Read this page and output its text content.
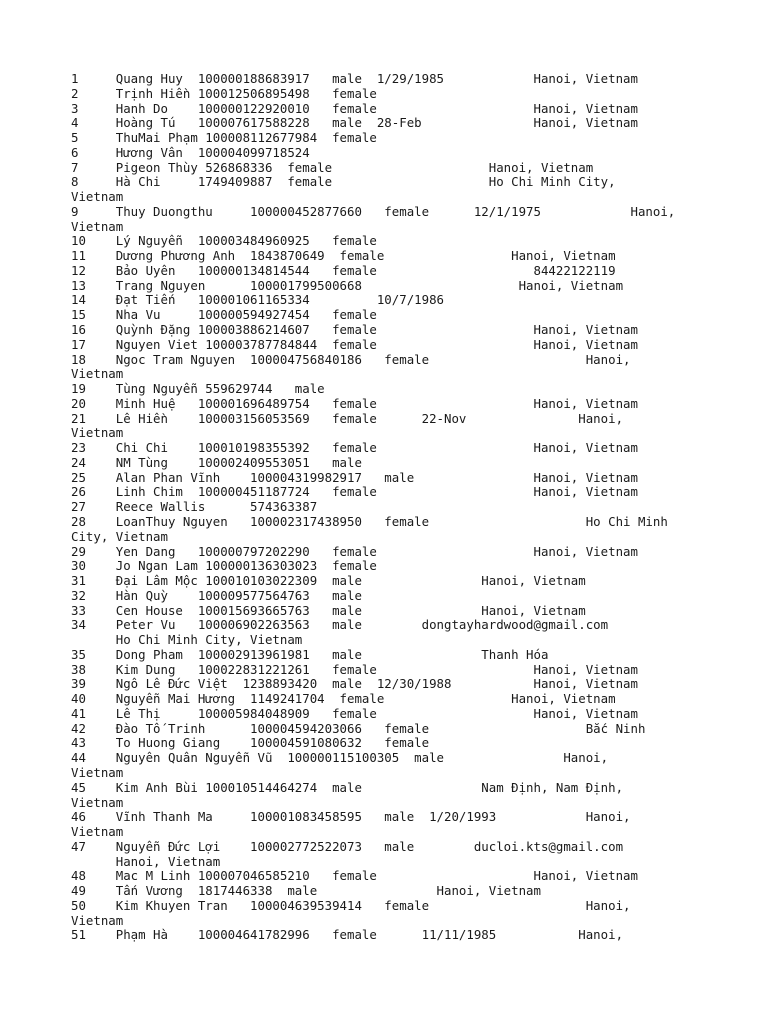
1     Quang Huy  100000188683917   male  1/29/1985            Hanoi, Vietnam
2     Trịnh Hiền 100012506895498   female
3     Hanh Do    100000122920010   female                     Hanoi, Vietnam
4     Hoàng Tú   100007617588228   male  28-Feb               Hanoi, Vietnam
5     ThuMai Phạm 100008112677984  female
6     Hương Vân  100004099718524
7     Pigeon Thùy 526868336  female                     Hanoi, Vietnam
8     Hà Chi     1749409887  female                     Ho Chi Minh City,
Vietnam
9     Thuy Duongthu     100000452877660   female      12/1/1975            Hanoi,
Vietnam
10    Lý Nguyễn  100003484960925   female
11    Dương Phương Anh  1843870649  female                 Hanoi, Vietnam
12    Bảo Uyên   100000134814544   female                     84422122119
13    Trang Nguyen      100001799500668                     Hanoi, Vietnam
14    Đạt Tiến   100001061165334         10/7/1986
15    Nha Vu     100000594927454   female
16    Quỳnh Đặng 100003886214607   female                     Hanoi, Vietnam
17    Nguyen Viet 100003787784844  female                     Hanoi, Vietnam
18    Ngoc Tram Nguyen  100004756840186   female                     Hanoi,
Vietnam
19    Tùng Nguyễn 559629744   male
20    Minh Huệ   100001696489754   female                     Hanoi, Vietnam
21    Lê Hiền    100003156053569   female      22-Nov               Hanoi,
Vietnam
23    Chi Chi    100010198355392   female                     Hanoi, Vietnam
24    NM Tùng    100002409553051   male
25    Alan Phan Vĩnh    100004319982917   male                Hanoi, Vietnam
26    Linh Chim  100000451187724   female                     Hanoi, Vietnam
27    Reece Wallis      574363387
28    LoanThuy Nguyen   100002317438950   female                     Ho Chi Minh
City, Vietnam
29    Yen Dang   100000797202290   female                     Hanoi, Vietnam
30    Jo Ngan Lam 100000136303023  female
31    Đại Lâm Mộc 100010103022309  male                Hanoi, Vietnam
32    Hàn Quỳ    100009577564763   male
33    Cen House  100015693665763   male                Hanoi, Vietnam
34    Peter Vu   100006902263563   male        dongtayhardwood@gmail.com
Ho Chi Minh City, Vietnam
35    Dong Pham  100002913961981   male                Thanh Hóa
38    Kim Dung   100022831221261   female                     Hanoi, Vietnam
39    Ngô Lê Đức Việt  1238893420  male  12/30/1988           Hanoi, Vietnam
40    Nguyễn Mai Hương  1149241704  female                 Hanoi, Vietnam
41    Lê Thị     100005984048909   female                     Hanoi, Vietnam
42    Đào Tố Trinh      100004594203066   female                     Bắc Ninh
43    To Huong Giang    100004591080632   female
44    Nguyên Quân Nguyễn Vũ  100000115100305  male                Hanoi,
Vietnam
45    Kim Anh Bùi 100010514464274  male                Nam Định, Nam Định,
Vietnam
46    Vĩnh Thanh Ma     100001083458595   male  1/20/1993            Hanoi,
Vietnam
47    Nguyễn Đức Lợi    100002772522073   male        ducloi.kts@gmail.com
Hanoi, Vietnam
48    Mac M Linh 100007046585210   female                     Hanoi, Vietnam
49    Tấn Vương  1817446338  male                Hanoi, Vietnam
50    Kim Khuyen Tran   100004639539414   female                     Hanoi,
Vietnam
51    Phạm Hà    100004641782996   female      11/11/1985           Hanoi,
